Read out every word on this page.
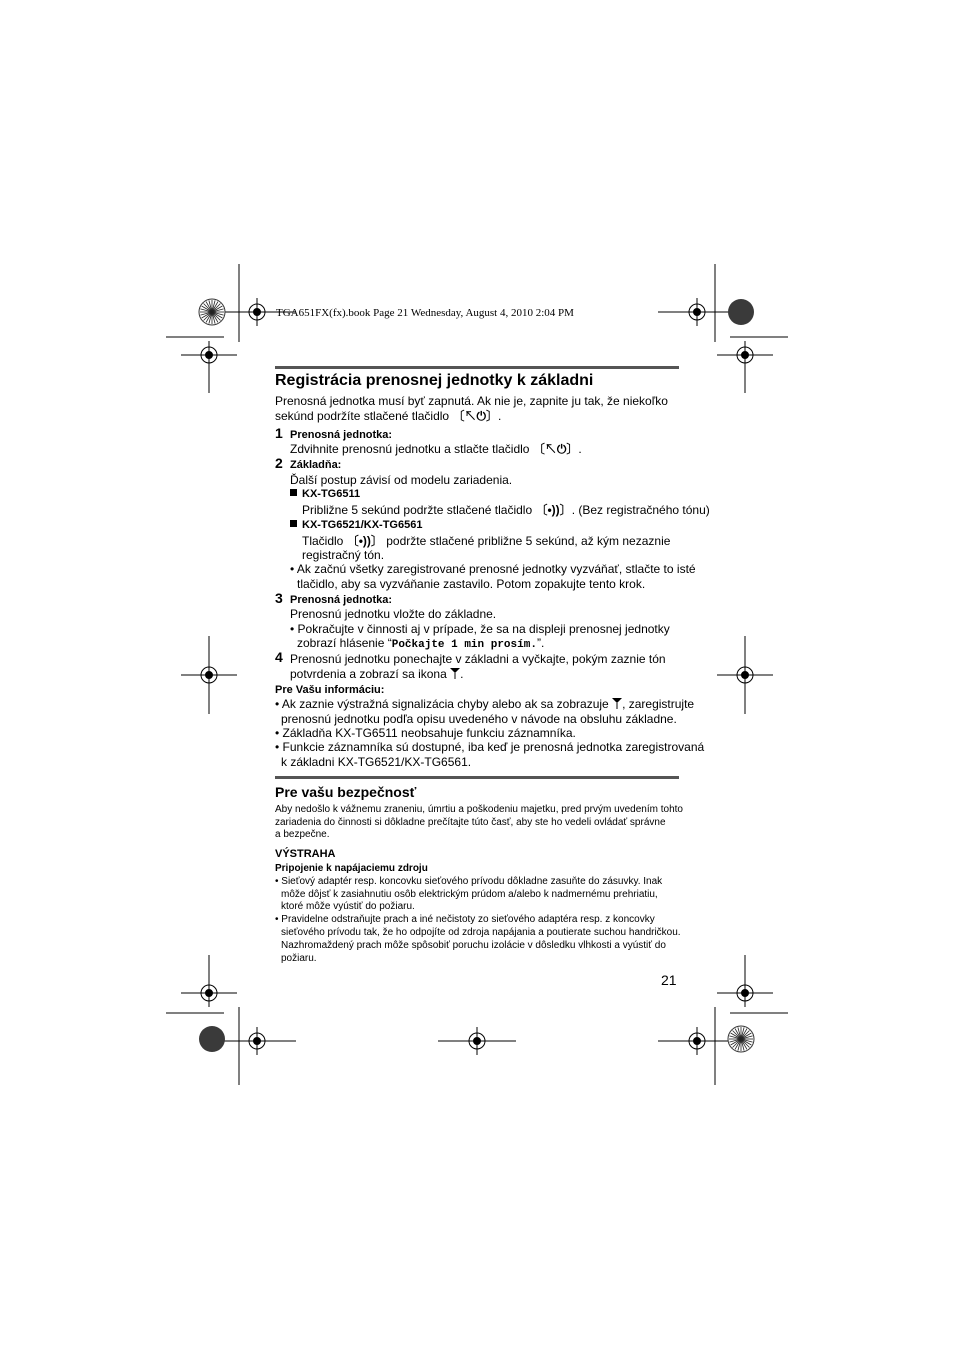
TGA651FX(fx).book Page 21 Wednesday, August 4, 2010 2:04 PM
Registrácia prenosnej jednotky k základni
Prenosná jednotka musí byť zapnutá. Ak nie je, zapnite ju tak, že niekoľko
sekúnd podržíte stlačené tlačidlo 〔↖⏻〕.
1 Prenosná jednotka:
Zdvihnite prenosnú jednotku a stlačte tlačidlo 〔↖⏻〕.
2 Základňa:
Ďalší postup závisí od modelu zariadenia.
KX-TG6511
Približne 5 sekúnd podržte stlačené tlačidlo 〔•))〕. (Bez registračného tónu)
KX-TG6521/KX-TG6561
Tlačidlo 〔•))〕 podržte stlačené približne 5 sekúnd, až kým nezaznie
registračný tón.
• Ak začnú všetky zaregistrované prenosné jednotky vyzváňať, stlačte to isté
tlačidlo, aby sa vyzváňanie zastavilo. Potom zopakujte tento krok.
3 Prenosná jednotka:
Prenosnú jednotku vložte do základne.
• Pokračujte v činnosti aj v prípade, že sa na displeji prenosnej jednotky
zobrazí hlásenie “Počkajte 1 min prosím.”.
4 Prenosnú jednotku ponechajte v základni a vyčkajte, pokým zaznie tón
potvrdenia a zobrazí sa ikona .
Pre Vašu informáciu:
• Ak zaznie výstražná signalizácia chyby alebo ak sa zobrazuje , zaregistrujte
prenosnú jednotku podľa opisu uvedeného v návode na obsluhu základne.
• Základňa KX-TG6511 neobsahuje funkciu záznamníka.
• Funkcie záznamníka sú dostupné, iba keď je prenosná jednotka zaregistrovaná
k základni KX-TG6521/KX-TG6561.
Pre vašu bezpečnosť
Aby nedošlo k vážnemu zraneniu, úmrtiu a poškodeniu majetku, pred prvým uvedením tohto
zariadenia do činnosti si dôkladne prečítajte túto časť, aby ste ho vedeli ovládať správne
a bezpečne.
VÝSTRAHA
Pripojenie k napájaciemu zdroju
• Sieťový adaptér resp. koncovku sieťového prívodu dôkladne zasuňte do zásuvky. Inak
môže dôjsť k zasiahnutiu osôb elektrickým prúdom a/alebo k nadmernému prehriatiu,
ktoré môže vyústiť do požiaru.
• Pravidelne odstraňujte prach a iné nečistoty zo sieťového adaptéra resp. z koncovky
sieťového prívodu tak, že ho odpojíte od zdroja napájania a poutierate suchou handričkou.
Nazhromaždený prach môže spôsobiť poruchu izolácie v dôsledku vlhkosti a vyústiť do
požiaru.
21
